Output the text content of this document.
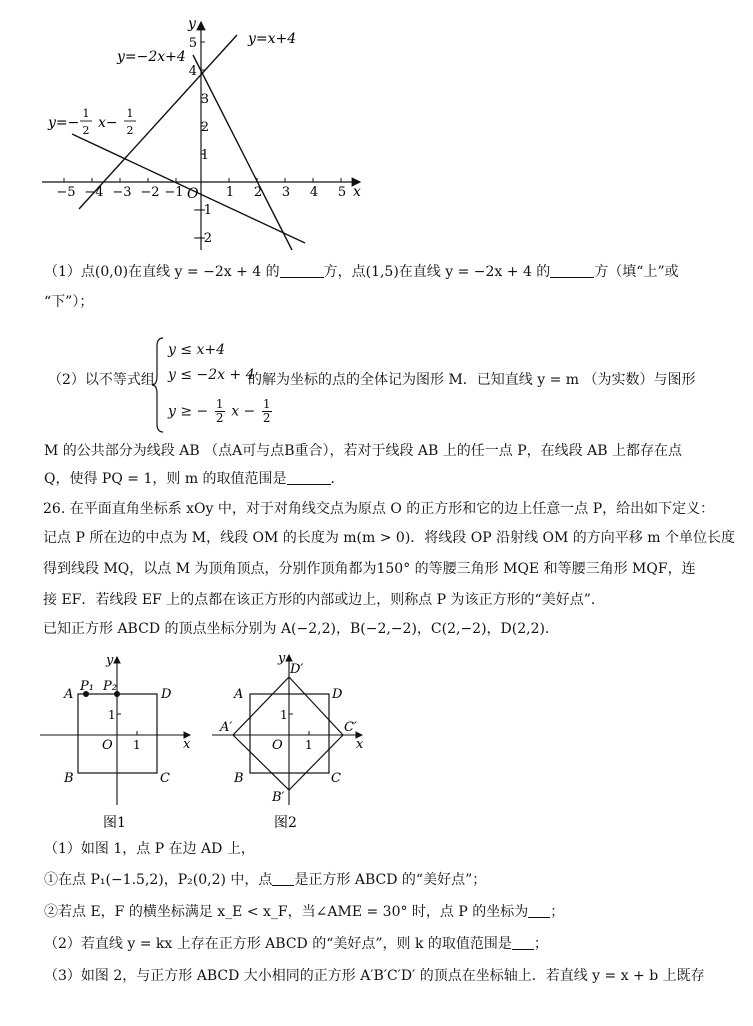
−5 −4 −3 −2 −1	1 2 3 4 5
5
4
3
2
1
−1
−2
O	x
y
y=x+4
y=−2x+4
y=−
1
2 x−
1
2
（1）点(0,0)在直线 y = −2x + 4 的	方，点(1,5)在直线 y = −2x + 4 的	方（填“上”或
“下”）；
（2）以不等式组
y ≤ x+4
y ≤ −2x + 4
y ≥ − $\frac{1}{2}$ $x - \frac{1}{2}$
的解为坐标的点的全体记为图形 M．已知直线 y = m （为实数）与图形
M 的公共部分为线段 AB （点A可与点B重合），若对于线段 AB 上的任一点 P，在线段 AB 上都存在点
Q，使得 PQ = 1，则 m 的取值范围是	．
26. 在平面直角坐标系 xOy 中，对于对角线交点为原点 O 的正方形和它的边上任意一点 P，给出如下定义：
记点 P 所在边的中点为 M，线段 OM 的长度为 m(m > 0)．将线段 OP 沿射线 OM 的方向平移 m 个单位长度
得到线段 MQ，以点 M 为顶角顶点，分别作顶角都为150° 的等腰三角形 MQE 和等腰三角形 MQF，连
接 EF．若线段 EF 上的点都在该正方形的内部或边上，则称点 P 为该正方形的“美好点”．
已知正方形 ABCD 的顶点坐标分别为 A(−2,2)，B(−2,−2)，C(2,−2)，D(2,2)．
A	D
B	C
P₁ P₂
O	x
y
1
1
图1
A	D
B	C
A′	C′
D′
B′
O	x
y
1
1
图2
（1）如图 1，点 P 在边 AD 上，
①在点 P₁(−1.5,2)，P₂(0,2) 中，点 是正方形 ABCD 的“美好点”；
②若点 E，F 的横坐标满足 x_E < x_F，当∠AME = 30° 时，点 P 的坐标为 ；
（2）若直线 y = kx 上存在正方形 ABCD 的“美好点”，则 k 的取值范围是 ；
（3）如图 2，与正方形 ABCD 大小相同的正方形 A′B′C′D′ 的顶点在坐标轴上．若直线 y = x + b 上既存
